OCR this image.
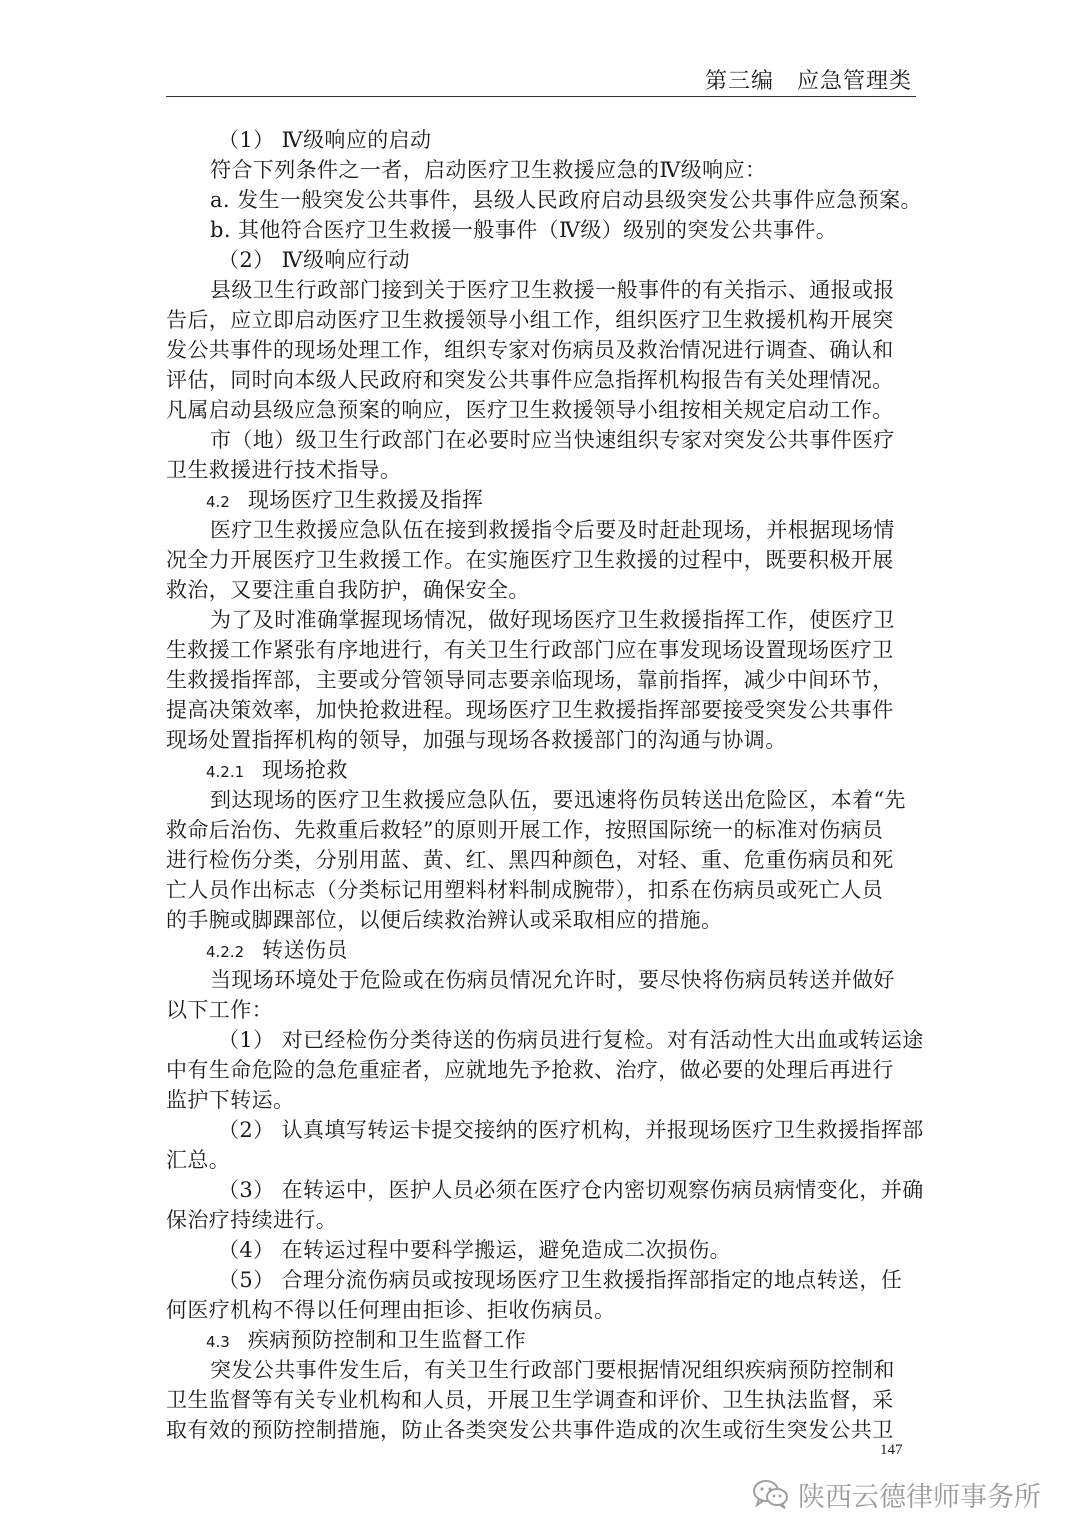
第三编　应急管理类
（1） Ⅳ级响应的启动
符合下列条件之一者，启动医疗卫生救援应急的Ⅳ级响应：
a. 发生一般突发公共事件，县级人民政府启动县级突发公共事件应急预案。
b. 其他符合医疗卫生救援一般事件（Ⅳ级）级别的突发公共事件。
（2） Ⅳ级响应行动
县级卫生行政部门接到关于医疗卫生救援一般事件的有关指示、通报或报
告后，应立即启动医疗卫生救援领导小组工作，组织医疗卫生救援机构开展突
发公共事件的现场处理工作，组织专家对伤病员及救治情况进行调查、确认和
评估，同时向本级人民政府和突发公共事件应急指挥机构报告有关处理情况。
凡属启动县级应急预案的响应，医疗卫生救援领导小组按相关规定启动工作。
市（地）级卫生行政部门在必要时应当快速组织专家对突发公共事件医疗
卫生救援进行技术指导。
4.2 现场医疗卫生救援及指挥
医疗卫生救援应急队伍在接到救援指令后要及时赶赴现场，并根据现场情
况全力开展医疗卫生救援工作。在实施医疗卫生救援的过程中，既要积极开展
救治，又要注重自我防护，确保安全。
为了及时准确掌握现场情况，做好现场医疗卫生救援指挥工作，使医疗卫
生救援工作紧张有序地进行，有关卫生行政部门应在事发现场设置现场医疗卫
生救援指挥部，主要或分管领导同志要亲临现场，靠前指挥，减少中间环节，
提高决策效率，加快抢救进程。现场医疗卫生救援指挥部要接受突发公共事件
现场处置指挥机构的领导，加强与现场各救援部门的沟通与协调。
4.2.1 现场抢救
到达现场的医疗卫生救援应急队伍，要迅速将伤员转送出危险区，本着“先
救命后治伤、先救重后救轻”的原则开展工作，按照国际统一的标准对伤病员
进行检伤分类，分别用蓝、黄、红、黑四种颜色，对轻、重、危重伤病员和死
亡人员作出标志（分类标记用塑料材料制成腕带），扣系在伤病员或死亡人员
的手腕或脚踝部位，以便后续救治辨认或采取相应的措施。
4.2.2 转送伤员
当现场环境处于危险或在伤病员情况允许时，要尽快将伤病员转送并做好
以下工作：
（1） 对已经检伤分类待送的伤病员进行复检。对有活动性大出血或转运途
中有生命危险的急危重症者，应就地先予抢救、治疗，做必要的处理后再进行
监护下转运。
（2） 认真填写转运卡提交接纳的医疗机构，并报现场医疗卫生救援指挥部
汇总。
（3） 在转运中，医护人员必须在医疗仓内密切观察伤病员病情变化，并确
保治疗持续进行。
（4） 在转运过程中要科学搬运，避免造成二次损伤。
（5） 合理分流伤病员或按现场医疗卫生救援指挥部指定的地点转送，任
何医疗机构不得以任何理由拒诊、拒收伤病员。
4.3 疾病预防控制和卫生监督工作
突发公共事件发生后，有关卫生行政部门要根据情况组织疾病预防控制和
卫生监督等有关专业机构和人员，开展卫生学调查和评价、卫生执法监督，采
取有效的预防控制措施，防止各类突发公共事件造成的次生或衍生突发公共卫
147
陕西云德律师事务所
